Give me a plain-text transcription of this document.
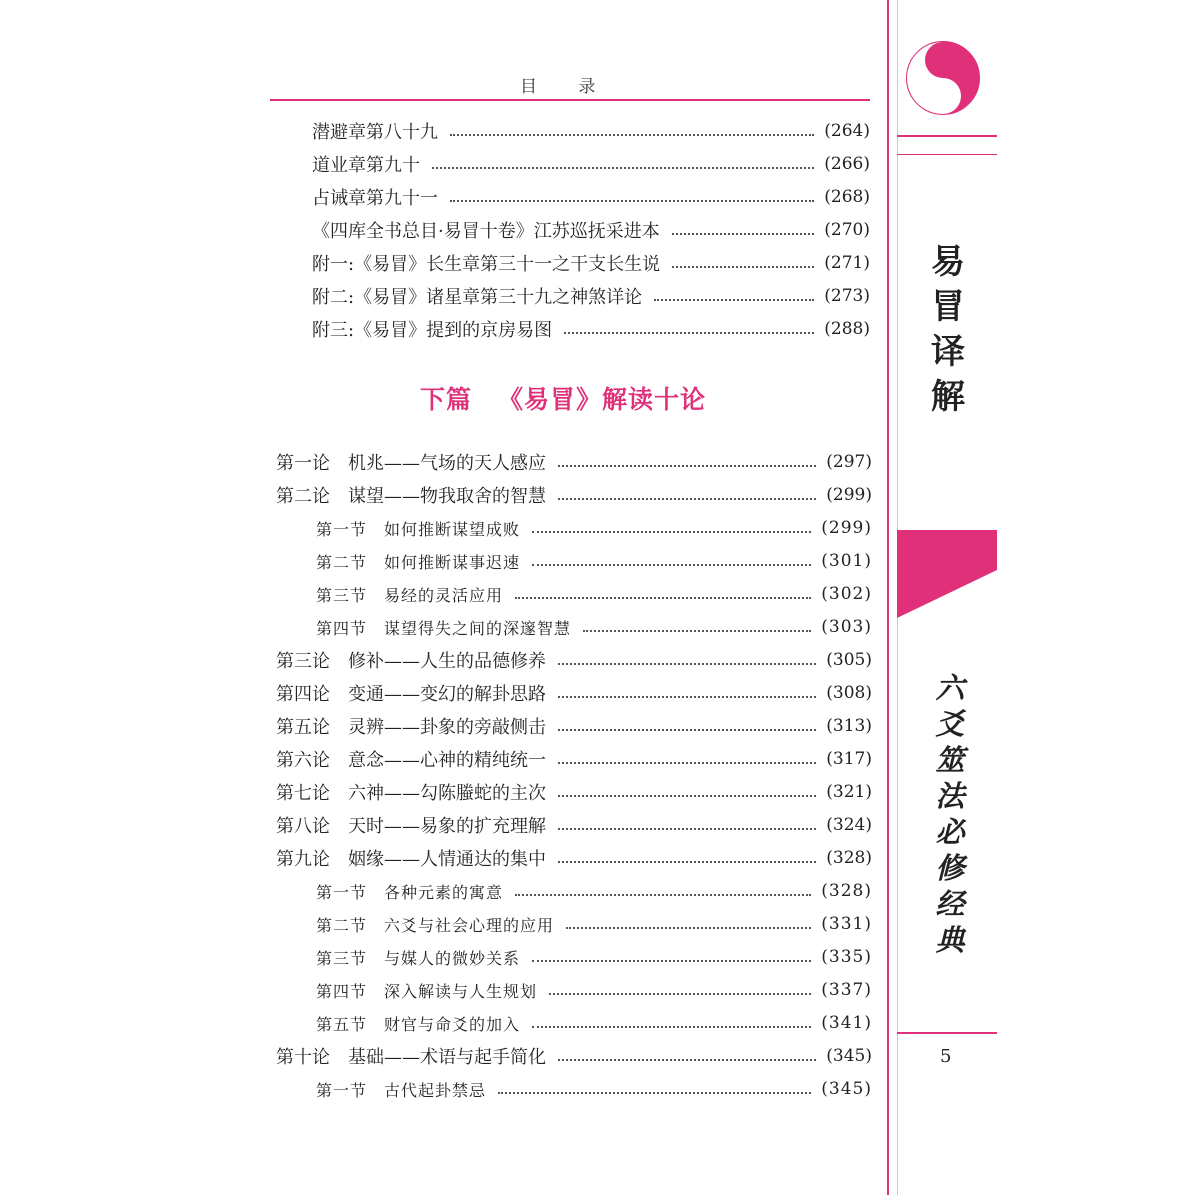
目 录
易冒译解
六爻筮法必修经典
5
下篇 《易冒》解读十论
潜避章第八十九	(264)
道业章第九十	(266)
占诫章第九十一	(268)
《四库全书总目·易冒十卷》江苏巡抚采进本	(270)
附一:《易冒》长生章第三十一之干支长生说	(271)
附二:《易冒》诸星章第三十九之神煞详论	(273)
附三:《易冒》提到的京房易图	(288)
第一论　机兆——气场的天人感应	(297)
第二论　谋望——物我取舍的智慧	(299)
第一节　如何推断谋望成败	(299)
第二节　如何推断谋事迟速	(301)
第三节　易经的灵活应用	(302)
第四节　谋望得失之间的深邃智慧	(303)
第三论　修补——人生的品德修养	(305)
第四论　变通——变幻的解卦思路	(308)
第五论　灵辨——卦象的旁敲侧击	(313)
第六论　意念——心神的精纯统一	(317)
第七论　六神——勾陈螣蛇的主次	(321)
第八论　天时——易象的扩充理解	(324)
第九论　姻缘——人情通达的集中	(328)
第一节　各种元素的寓意	(328)
第二节　六爻与社会心理的应用	(331)
第三节　与媒人的微妙关系	(335)
第四节　深入解读与人生规划	(337)
第五节　财官与命爻的加入	(341)
第十论　基础——术语与起手简化	(345)
第一节　古代起卦禁忌	(345)
